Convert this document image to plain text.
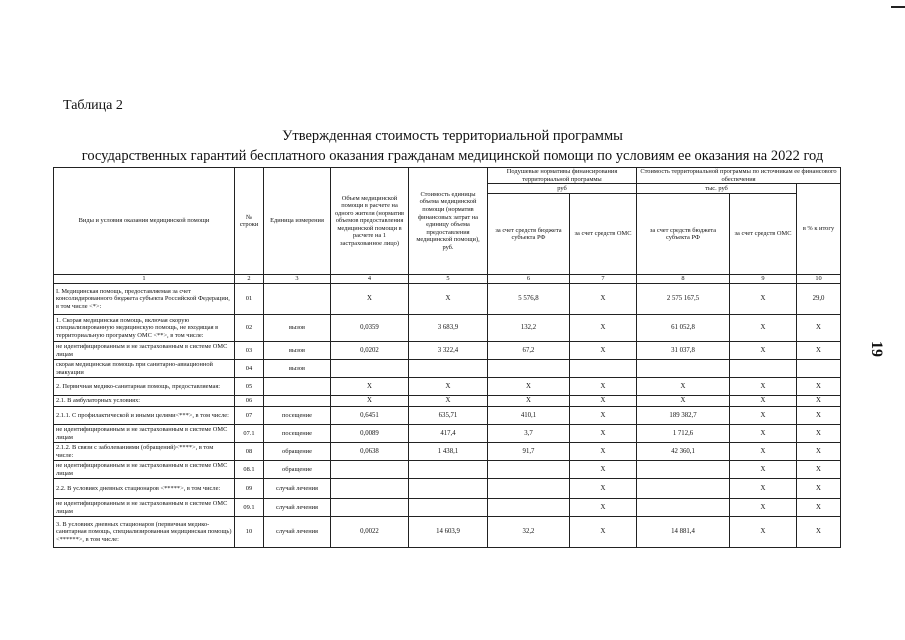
Таблица 2
Утвержденная стоимость территориальной программы
государственных гарантий бесплатного оказания гражданам медицинской помощи по условиям ее оказания на 2022 год
19
Виды и условия оказания медицинской помощи	№ строки	Единица измерения	Объем медицинской помощи в расчете на одного жителя (норматив объемов предоставления медицинской помощи в расчете на 1 застрахованное лицо)	Стоимость единицы объема медицинской помощи (норматив финансовых затрат на единицу объема предоставления медицинской помощи), руб.	Подушевые нормативы финансирования территориальной программы		Стоимость территориальной программы по источникам ее финансового обеспечения		
					руб		тыс. руб		в % к итогу
					за счет средств бюджета субъекта РФ	за счет средств ОМС	за счет средств бюджета субъекта РФ	за счет средств ОМС	
1	2	3	4	5	6	7	8	9	10
I. Медицинская помощь, предоставляемая за счет консолидированного бюджета субъекта Российской Федерации, в том числе <*>:	01		Х	Х	5 576,8	Х	2 575 167,5	Х	29,0
1. Скорая медицинская помощь, включая скорую специализированную медицинскую помощь, не входящая в территориальную программу ОМС <**>, в том числе:	02	вызов	0,0359	3 683,9	132,2	Х	61 052,8	Х	Х
не идентифицированным и не застрахованным в системе ОМС лицам	03	вызов	0,0202	3 322,4	67,2	Х	31 037,8	Х	Х
скорая медицинская помощь при санитарно-авиационной эвакуации	04	вызов							
2. Первичная медико-санитарная помощь, предоставляемая:	05		Х	Х	Х	Х	Х	Х	Х
2.1. В амбулаторных условиях:	06		Х	Х	Х	Х	Х	Х	Х
2.1.1. С профилактической и иными целями<***>, в том числе:	07	посещение	0,6451	635,71	410,1	Х	189 382,7	Х	Х
не идентифицированным и не застрахованным в системе ОМС лицам	07.1	посещение	0,0089	417,4	3,7	Х	1 712,6	Х	Х
2.1.2. В связи с заболеваниями (обращений)<****>, в том числе:	08	обращение	0,0638	1 438,1	91,7	Х	42 360,1	Х	Х
не идентифицированным и не застрахованным в системе ОМС лицам	08.1	обращение				Х		Х	Х
2.2. В условиях дневных стационаров <*****>, в том числе:	09	случай лечения				Х		Х	Х
не идентифицированным и не застрахованным в системе ОМС лицам	09.1	случай лечения				Х		Х	Х
3. В условиях дневных стационаров (первичная медико-санитарная помощь, специализированная медицинская помощь) <******>, в том числе:	10	случай лечения	0,0022	14 603,9	32,2	Х	14 881,4	Х	Х
